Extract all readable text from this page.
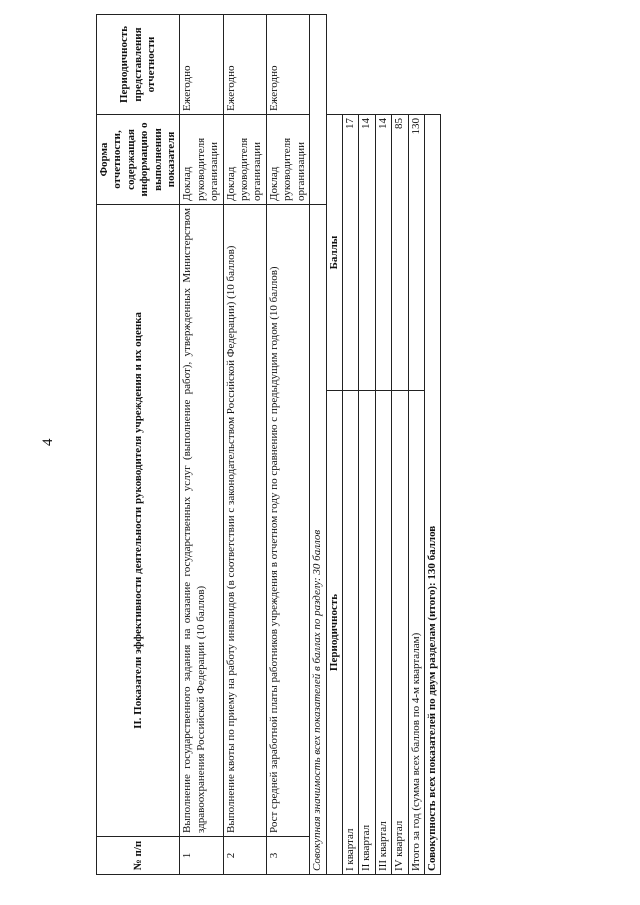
4
№ п/п	II. Показатели эффективности деятельности руководителя учреждения и их оценка		Форма отчетности, содержащая информацию о выполнении показателя	Периодичность представления отчетности
1	Выполнение государственного задания на оказание государственных услуг (выполнение работ), утвержденных Министерством здравоохранения Российской Федерации (10 баллов)		Доклад руководителя организации	Ежегодно
2	Выполнение квоты по приему на работу инвалидов (в соответствии с законодательством Российской Федерации) (10 баллов)		Доклад руководителя организации	Ежегодно
3	Рост средней заработной платы работников учреждения в отчетном году по сравнению с предыдущим годом (10 баллов)		Доклад руководителя организации	Ежегодно
Совокупная значимость всех показателей в баллах по разделу: 30 баллов				
Периодичность		Баллы		
I квартал		17		
II квартал		14		
III квартал		14		
IV квартал		85		
Итого за год (сумма всех баллов по 4-м кварталам)		130		
Совокупность всех показателей по двум разделам (итого): 130 баллов				
